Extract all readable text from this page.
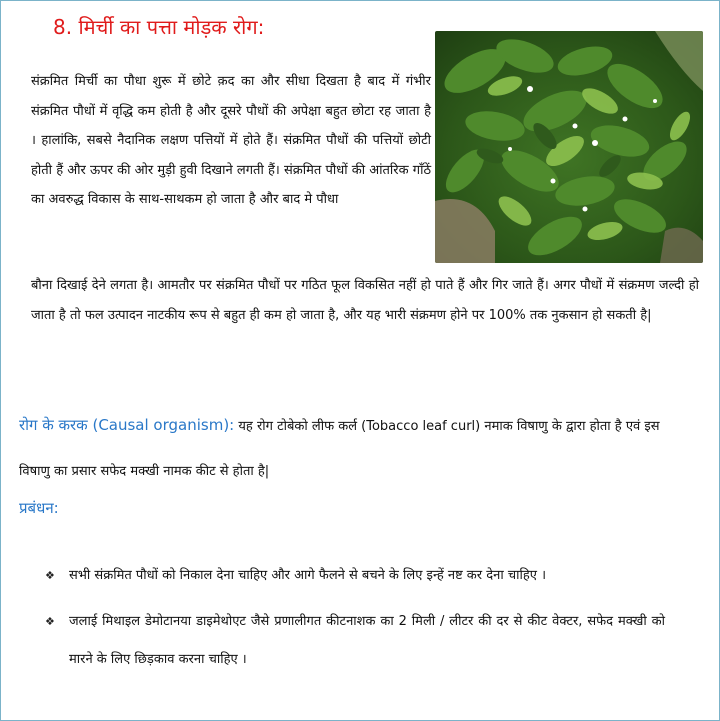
8. मिर्ची का पत्ता मोड़क रोग:

संक्रमित मिर्ची का पौधा शुरू में छोटे क़द का और सीधा दिखता है बाद में गंभीर संक्रमित पौधों में वृद्धि कम होती है और दूसरे पौधों की अपेक्षा बहुत छोटा रह जाता है । हालांकि, सबसे नैदानिक लक्षण पत्तियों में होते हैं। संक्रमित पौधों की पत्तियों छोटी होती हैं और ऊपर की ओर मुड़ी हुवी दिखाने लगती हैं। संक्रमित पौधों की आंतरिक गाँठें का अवरुद्ध विकास के साथ-साथकम हो जाता है और बाद मे पौधा

बौना दिखाई देने लगता है। आमतौर पर संक्रमित पौधों पर गठित फूल विकसित नहीं हो पाते हैं और गिर जाते हैं। अगर पौधों में संक्रमण जल्दी हो जाता है तो फल उत्पादन नाटकीय रूप से बहुत ही कम हो जाता है, और यह भारी संक्रमण होने पर 100% तक नुकसान हो सकती है|

रोग के करक (Causal organism): यह रोग टोबेको लीफ कर्ल (Tobacco leaf curl) नमाक विषाणु के द्वारा होता है एवं इस विषाणु का प्रसार सफेद मक्खी नामक कीट से होता है|

प्रबंधन:
❖ सभी संक्रमित पौधों को निकाल देना चाहिए और आगे फैलने से बचने के लिए इन्हें नष्ट कर देना चाहिए ।
❖ जलाई मिथाइल डेमोटानया डाइमेथोएट जैसे प्रणालीगत कीटनाशक का 2 मिली / लीटर की दर से कीट वेक्टर, सफेद मक्खी को मारने के लिए छिड़काव करना चाहिए ।
